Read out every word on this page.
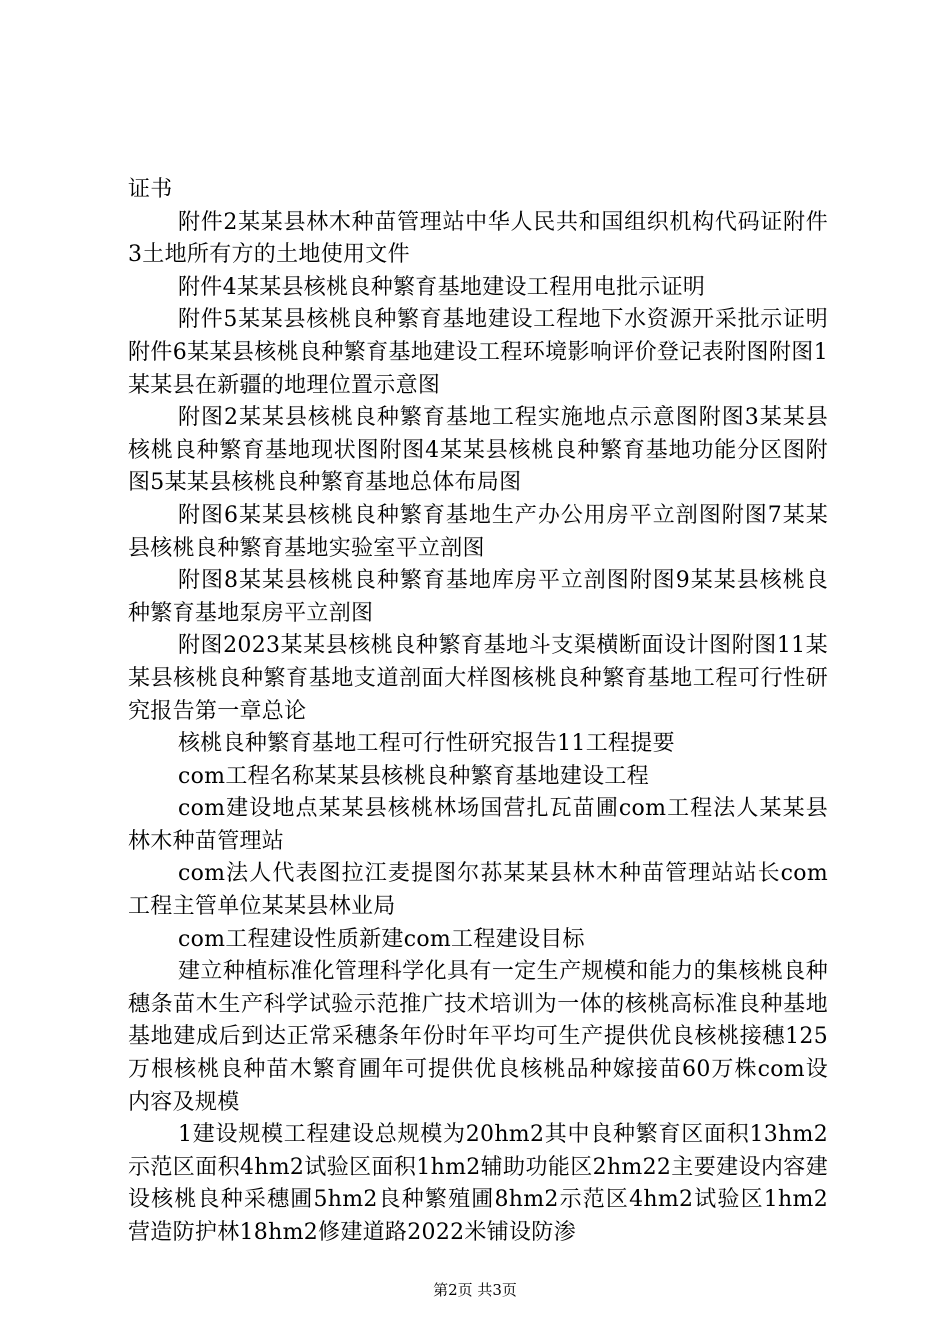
证书

附件2某某县林木种苗管理站中华人民共和国组织机构代码证附件3土地所有方的土地使用文件

附件4某某县核桃良种繁育基地建设工程用电批示证明

附件5某某县核桃良种繁育基地建设工程地下水资源开采批示证明附件6某某县核桃良种繁育基地建设工程环境影响评价登记表附图附图1某某县在新疆的地理位置示意图

附图2某某县核桃良种繁育基地工程实施地点示意图附图3某某县核桃良种繁育基地现状图附图4某某县核桃良种繁育基地功能分区图附图5某某县核桃良种繁育基地总体布局图

附图6某某县核桃良种繁育基地生产办公用房平立剖图附图7某某县核桃良种繁育基地实验室平立剖图

附图8某某县核桃良种繁育基地库房平立剖图附图9某某县核桃良种繁育基地泵房平立剖图

附图2023某某县核桃良种繁育基地斗支渠横断面设计图附图11某某县核桃良种繁育基地支道剖面大样图核桃良种繁育基地工程可行性研究报告第一章总论

核桃良种繁育基地工程可行性研究报告11工程提要

com工程名称某某县核桃良种繁育基地建设工程

com建设地点某某县核桃林场国营扎瓦苗圃com工程法人某某县林木种苗管理站

com法人代表图拉江麦提图尔荪某某县林木种苗管理站站长com工程主管单位某某县林业局

com工程建设性质新建com工程建设目标

建立种植标准化管理科学化具有一定生产规模和能力的集核桃良种穗条苗木生产科学试验示范推广技术培训为一体的核桃高标准良种基地基地建成后到达正常采穗条年份时年平均可生产提供优良核桃接穗125万根核桃良种苗木繁育圃年可提供优良核桃品种嫁接苗60万株com设内容及规模

1建设规模工程建设总规模为20hm2其中良种繁育区面积13hm2示范区面积4hm2试验区面积1hm2辅助功能区2hm22主要建设内容建设核桃良种采穗圃5hm2良种繁殖圃8hm2示范区4hm2试验区1hm2营造防护林18hm2修建道路2022米铺设防渗

第2页 共3页
